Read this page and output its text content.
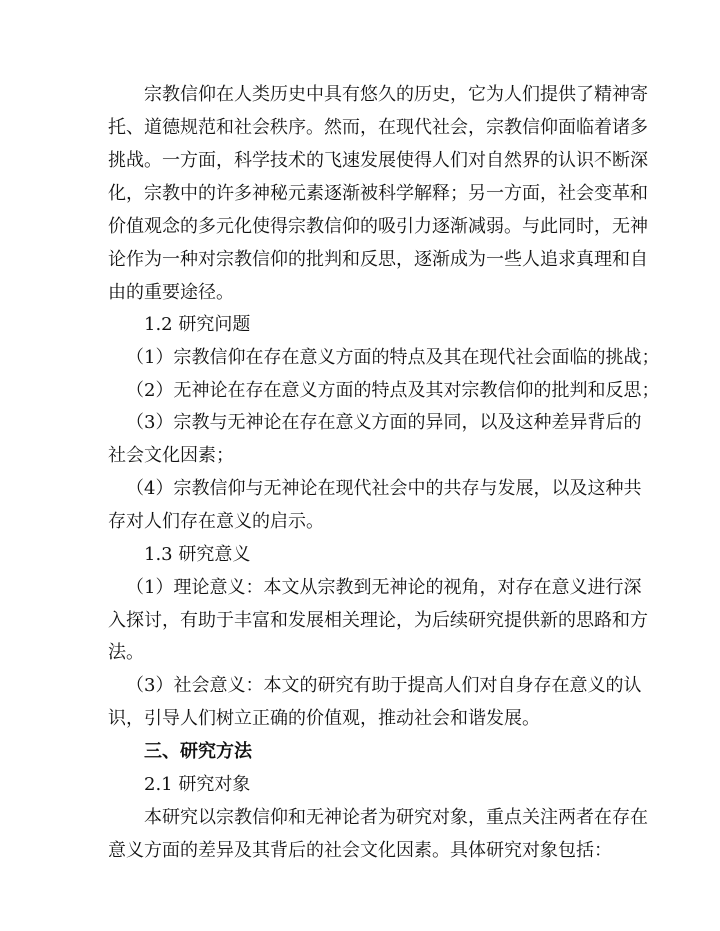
宗教信仰在人类历史中具有悠久的历史，它为人们提供了精神寄
托、道德规范和社会秩序。然而，在现代社会，宗教信仰面临着诸多
挑战。一方面，科学技术的飞速发展使得人们对自然界的认识不断深
化，宗教中的许多神秘元素逐渐被科学解释；另一方面，社会变革和
价值观念的多元化使得宗教信仰的吸引力逐渐减弱。与此同时，无神
论作为一种对宗教信仰的批判和反思，逐渐成为一些人追求真理和自
由的重要途径。
1.2 研究问题
（1）宗教信仰在存在意义方面的特点及其在现代社会面临的挑战；
（2）无神论在存在意义方面的特点及其对宗教信仰的批判和反思；
（3）宗教与无神论在存在意义方面的异同，以及这种差异背后的
社会文化因素；
（4）宗教信仰与无神论在现代社会中的共存与发展，以及这种共
存对人们存在意义的启示。
1.3 研究意义
（1）理论意义：本文从宗教到无神论的视角，对存在意义进行深
入探讨，有助于丰富和发展相关理论，为后续研究提供新的思路和方
法。
（3）社会意义：本文的研究有助于提高人们对自身存在意义的认
识，引导人们树立正确的价值观，推动社会和谐发展。
三、研究方法
2.1 研究对象
本研究以宗教信仰和无神论者为研究对象，重点关注两者在存在
意义方面的差异及其背后的社会文化因素。具体研究对象包括：
